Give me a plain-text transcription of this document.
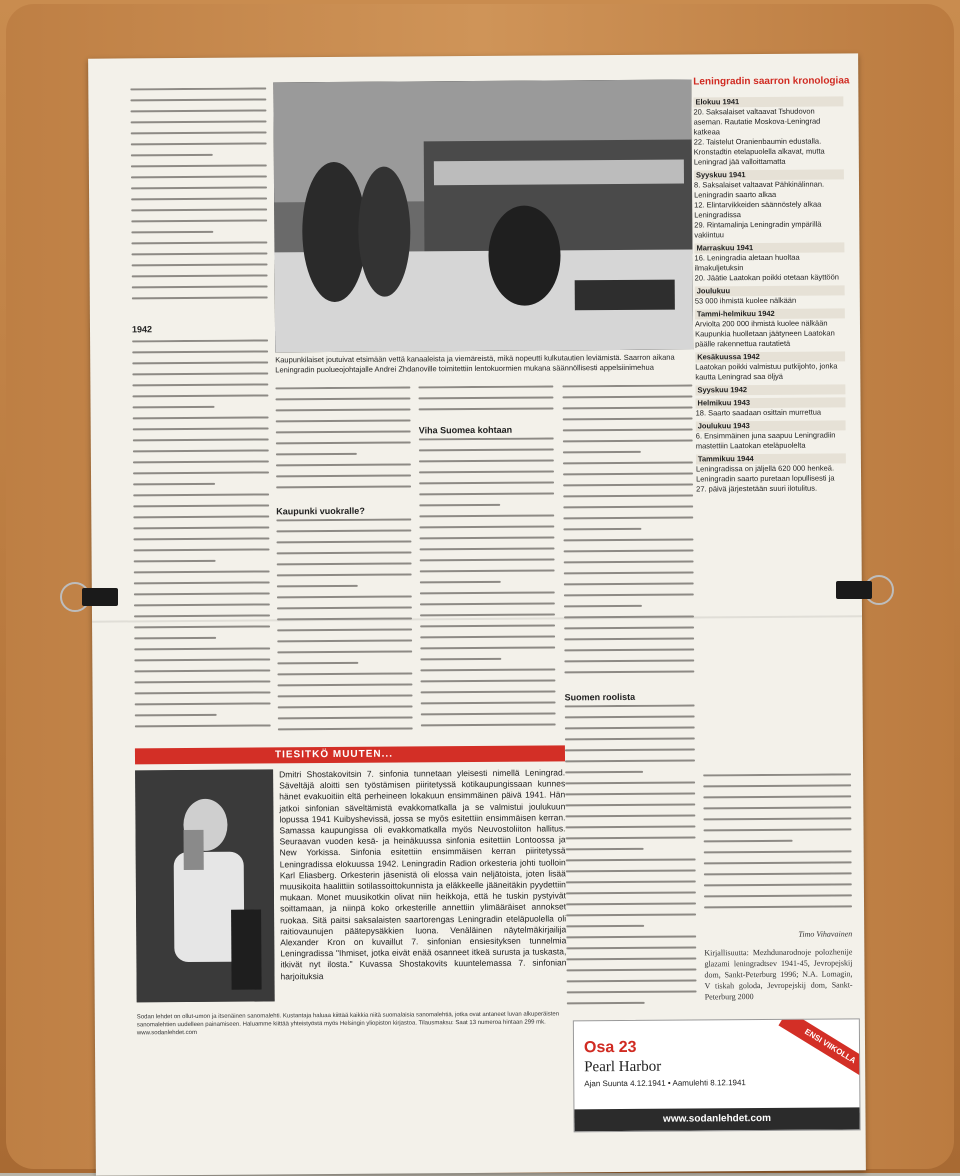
1942
Kaupunkilaiset joutuivat etsimään vettä kanaaleista ja viemäreistä, mikä nopeutti kulkutautien leviämistä. Saarron aikana Leningradin puolueojohtajalle Andrei Zhdanoville toimitettiin lentokuormien mukana säännöllisesti appelsiinimehua
Kaupunki vuokralle?
Viha Suomea kohtaan
Suomen roolista
Leningradin saarron kronologiaa
Elokuu 1941
20. Saksalaiset valtaavat Tshudovon aseman. Rautatie Moskova-Leningrad katkeaa
22. Taistelut Oranienbaumin edustalla. Kronstadtin etelapuolella alkavat, mutta Leningrad jää valloittamatta
Syyskuu 1941
8. Saksalaiset valtaavat Pähkinälinnan. Leningradin saarto alkaa
12. Elintarvikkeiden säännöstely alkaa Leningradissa
29. Rintamalinja Leningradin ympärillä vakiintuu
Marraskuu 1941
16. Leningradia aletaan huoltaa ilmakuljetuksin
20. Jäätie Laatokan poikki otetaan käyttöön
Joulukuu
53 000 ihmistä kuolee nälkään
Tammi-helmikuu 1942
Arviolta 200 000 ihmistä kuolee nälkään
Kaupunkia huolletaan jäätyneen Laatokan päälle rakennettua rautatietä
Kesäkuussa 1942
Laatokan poikki valmistuu putkijohto, jonka kautta Leningrad saa öljyä
Syyskuu 1942
Helmikuu 1943
18. Saarto saadaan osittain murrettua
Joulukuu 1943
6. Ensimmäinen juna saapuu Leningradiin mastettiin Laatokan eteläpuolelta
Tammikuu 1944
Leningradissa on jäljellä 620 000 henkeä.
Leningradin saarto puretaan lopullisesti ja 27. päivä järjestetään suuri ilotulitus.
Timo Vihavainen
Kirjallisuutta: Mezhdunarodnoje polozhenije glazami leningradtsev 1941-45, Jevropejskij dom, Sankt-Peterburg 1996; N.A. Lomagin, V tiskah goloda, Jevropejskij dom, Sankt-Peterburg 2000
TIESITKÖ MUUTEN...
Dmitri Shostakovitsin 7. sinfonia tunnetaan yleisesti nimellä Leningrad. Säveltäjä aloitti sen työstämisen piiritetyssä kotikaupungissaan kunnes hänet evakuoitiin eltä perheineen lokakuun ensimmäinen päivä 1941. Hän jatkoi sinfonian säveltämistä evakkomatkalla ja se valmistui joulukuun lopussa 1941 Kuibyshevissä, jossa se myös esitettiin ensimmäisen kerran. Samassa kaupungissa oli evakkomatkalla myös Neuvostoliiton hallitus. Seuraavan vuoden kesä- ja heinäkuussa sinfonia esitettiin Lontoossa ja New Yorkissa. Sinfonia esitettiin ensimmäisen kerran piiritetyssä Leningradissa elokuussa 1942. Leningradin Radion orkesteria johti tuolloin Karl Eliasberg. Orkesterin jäsenistä oli elossa vain neljätoista, joten lisää muusikoita haalittiin sotilassoittokunnista ja eläkkeelle jääneitäkin pyydettiin mukaan. Monet muusikotkin olivat niin heikkoja, että he tuskin pystyivät soittamaan, ja niinpä koko orkesterille annettiin ylimääräiset annokset ruokaa. Sitä paitsi saksalaisten saartorengas Leningradin eteläpuolella oli raitiovaunujen päätepysäkkien luona. Venäläinen näytelmäkirjailija Alexander Kron on kuvaillut 7. sinfonian ensiesityksen tunnelmia Leningradissa "Ihmiset, jotka eivät enää osanneet itkeä surusta ja tuskasta, itkivät nyt ilosta." Kuvassa Shostakovits kuuntelemassa 7. sinfonian harjoituksia
Sodan lehdet on ollut-umon ja itsenäinen sanomalehti. Kustantaja haluaa kiittää kaikkia niitä suomalaisia sanomalehtiä, jotka ovat antaneet luvan alkuperäisten sanomalehtien uudelleen painamiseen. Haluamme kiittää yhteistyöstä myös Helsingin yliopiston kirjastoa. Tilausmaksu: Saat 13 numeroa hintaan 299 mk. www.sodanlehdet.com
Osa 23
Pearl Harbor
Ajan Suunta 4.12.1941 • Aamulehti 8.12.1941
ENSI VIIKOLLA
www.sodanlehdet.com
